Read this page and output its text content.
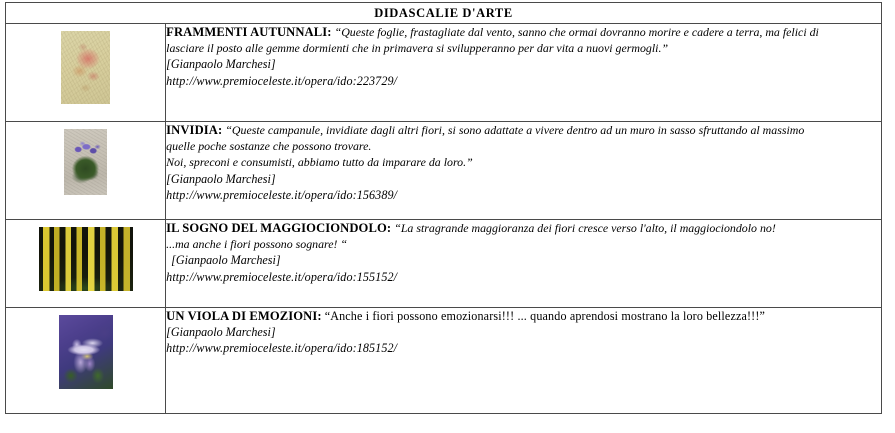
DIDASCALIE D'ARTE	

	FRAMMENTI AUTUNNALI: “Queste foglie, frastagliate dal vento, sanno che ormai dovranno morire e cadere a terra, ma felici di
lasciare il posto alle gemme dormienti che in primavera si svilupperanno per dar vita a nuovi germogli.”
[Gianpaolo Marchesi]
http://www.premioceleste.it/opera/ido:223729/

	INVIDIA: “Queste campanule, invidiate dagli altri fiori, si sono adattate a vivere dentro ad un muro in sasso sfruttando al massimo
quelle poche sostanze che possono trovare.
Noi, spreconi e consumisti, abbiamo tutto da imparare da loro.”
[Gianpaolo Marchesi]
http://www.premioceleste.it/opera/ido:156389/

	IL SOGNO DEL MAGGIOCIONDOLO: “La stragrande maggioranza dei fiori cresce verso l'alto, il maggiociondolo no!
...ma anche i fiori possono sognare! “
[Gianpaolo Marchesi]
http://www.premioceleste.it/opera/ido:155152/

	UN VIOLA DI EMOZIONI: “Anche i fiori possono emozionarsi!!! ... quando aprendosi mostrano la loro bellezza!!!”
[Gianpaolo Marchesi]
http://www.premioceleste.it/opera/ido:185152/
